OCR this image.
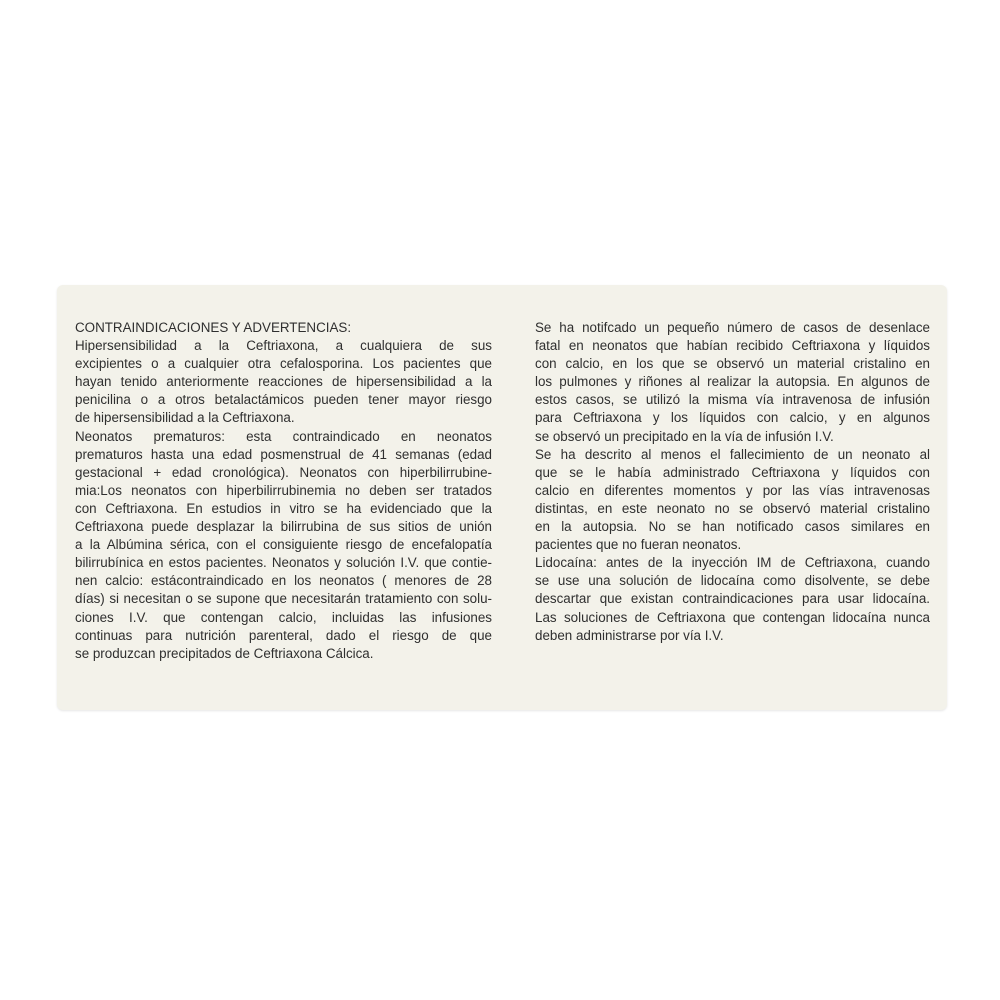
CONTRAINDICACIONES Y ADVERTENCIAS:
Hipersensibilidad a la Ceftriaxona, a cualquiera de sus
excipientes o a cualquier otra cefalosporina. Los pacientes que
hayan tenido anteriormente reacciones de hipersensibilidad a la
penicilina o a otros betalactámicos pueden tener mayor riesgo
de hipersensibilidad a la Ceftriaxona.
Neonatos prematuros: esta contraindicado en neonatos
prematuros hasta una edad posmenstrual de 41 semanas (edad
gestacional + edad cronológica). Neonatos con hiperbilirrubine-
mia:Los neonatos con hiperbilirrubinemia no deben ser tratados
con Ceftriaxona. En estudios in vitro se ha evidenciado que la
Ceftriaxona puede desplazar la bilirrubina de sus sitios de unión
a la Albúmina sérica, con el consiguiente riesgo de encefalopatía
bilirrubínica en estos pacientes. Neonatos y solución I.V. que contie-
nen calcio: estácontraindicado en los neonatos ( menores de 28
días) si necesitan o se supone que necesitarán tratamiento con solu-
ciones I.V. que contengan calcio, incluidas las infusiones
continuas para nutrición parenteral, dado el riesgo de que
se produzcan precipitados de Ceftriaxona Cálcica.
Se ha notifcado un pequeño número de casos de desenlace
fatal en neonatos que habían recibido Ceftriaxona y líquidos
con calcio, en los que se observó un material cristalino en
los pulmones y riñones al realizar la autopsia. En algunos de
estos casos, se utilizó la misma vía intravenosa de infusión
para Ceftriaxona y los líquidos con calcio, y en algunos
se observó un precipitado en la vía de infusión I.V.
Se ha descrito al menos el fallecimiento de un neonato al
que se le había administrado Ceftriaxona y líquidos con
calcio en diferentes momentos y por las vías intravenosas
distintas, en este neonato no se observó material cristalino
en la autopsia. No se han notificado casos similares en
pacientes que no fueran neonatos.
Lidocaína: antes de la inyección IM de Ceftriaxona, cuando
se use una solución de lidocaína como disolvente, se debe
descartar que existan contraindicaciones para usar lidocaína.
Las soluciones de Ceftriaxona que contengan lidocaína nunca
deben administrarse por vía I.V.
